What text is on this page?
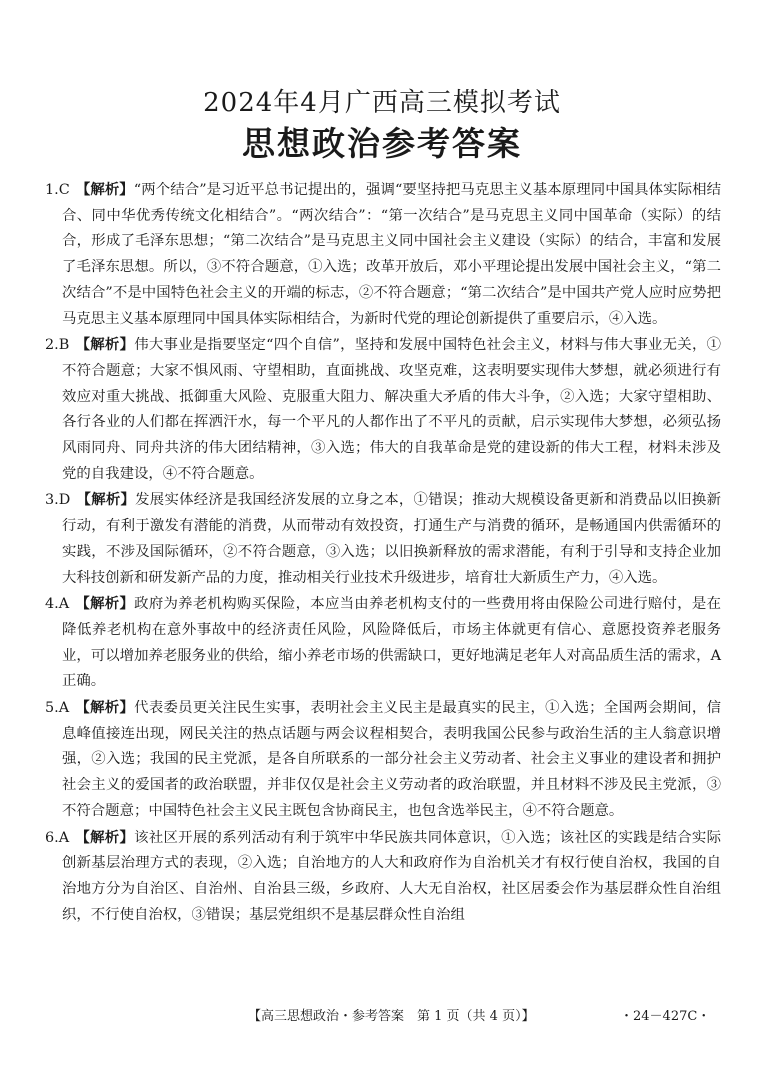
2024年4月广西高三模拟考试
思想政治参考答案

1.C 【解析】“两个结合”是习近平总书记提出的，强调“要坚持把马克思主义基本原理同中国具体实际相结合、同中华优秀传统文化相结合”。“两次结合”：“第一次结合”是马克思主义同中国革命（实际）的结合，形成了毛泽东思想；“第二次结合”是马克思主义同中国社会主义建设（实际）的结合，丰富和发展了毛泽东思想。所以，③不符合题意，①入选；改革开放后，邓小平理论提出发展中国社会主义，“第二次结合”不是中国特色社会主义的开端的标志，②不符合题意；“第二次结合”是中国共产党人应时应势把马克思主义基本原理同中国具体实际相结合，为新时代党的理论创新提供了重要启示，④入选。

2.B 【解析】伟大事业是指要坚定“四个自信”，坚持和发展中国特色社会主义，材料与伟大事业无关，①不符合题意；大家不惧风雨、守望相助，直面挑战、攻坚克难，这表明要实现伟大梦想，就必须进行有效应对重大挑战、抵御重大风险、克服重大阻力、解决重大矛盾的伟大斗争，②入选；大家守望相助、各行各业的人们都在挥洒汗水，每一个平凡的人都作出了不平凡的贡献，启示实现伟大梦想，必须弘扬风雨同舟、同舟共济的伟大团结精神，③入选；伟大的自我革命是党的建设新的伟大工程，材料未涉及党的自我建设，④不符合题意。

3.D 【解析】发展实体经济是我国经济发展的立身之本，①错误；推动大规模设备更新和消费品以旧换新行动，有利于激发有潜能的消费，从而带动有效投资，打通生产与消费的循环，是畅通国内供需循环的实践，不涉及国际循环，②不符合题意，③入选；以旧换新释放的需求潜能，有利于引导和支持企业加大科技创新和研发新产品的力度，推动相关行业技术升级进步，培育壮大新质生产力，④入选。

4.A 【解析】政府为养老机构购买保险，本应当由养老机构支付的一些费用将由保险公司进行赔付，是在降低养老机构在意外事故中的经济责任风险，风险降低后，市场主体就更有信心、意愿投资养老服务业，可以增加养老服务业的供给，缩小养老市场的供需缺口，更好地满足老年人对高品质生活的需求，A正确。

5.A 【解析】代表委员更关注民生实事，表明社会主义民主是最真实的民主，①入选；全国两会期间，信息峰值接连出现，网民关注的热点话题与两会议程相契合，表明我国公民参与政治生活的主人翁意识增强，②入选；我国的民主党派，是各自所联系的一部分社会主义劳动者、社会主义事业的建设者和拥护社会主义的爱国者的政治联盟，并非仅仅是社会主义劳动者的政治联盟，并且材料不涉及民主党派，③不符合题意；中国特色社会主义民主既包含协商民主，也包含选举民主，④不符合题意。

6.A 【解析】该社区开展的系列活动有利于筑牢中华民族共同体意识，①入选；该社区的实践是结合实际创新基层治理方式的表现，②入选；自治地方的人大和政府作为自治机关才有权行使自治权，我国的自治地方分为自治区、自治州、自治县三级，乡政府、人大无自治权，社区居委会作为基层群众性自治组织，不行使自治权，③错误；基层党组织不是基层群众性自治组

【高三思想政治・参考答案　第 1 页（共 4 页）】	・24－427C・
